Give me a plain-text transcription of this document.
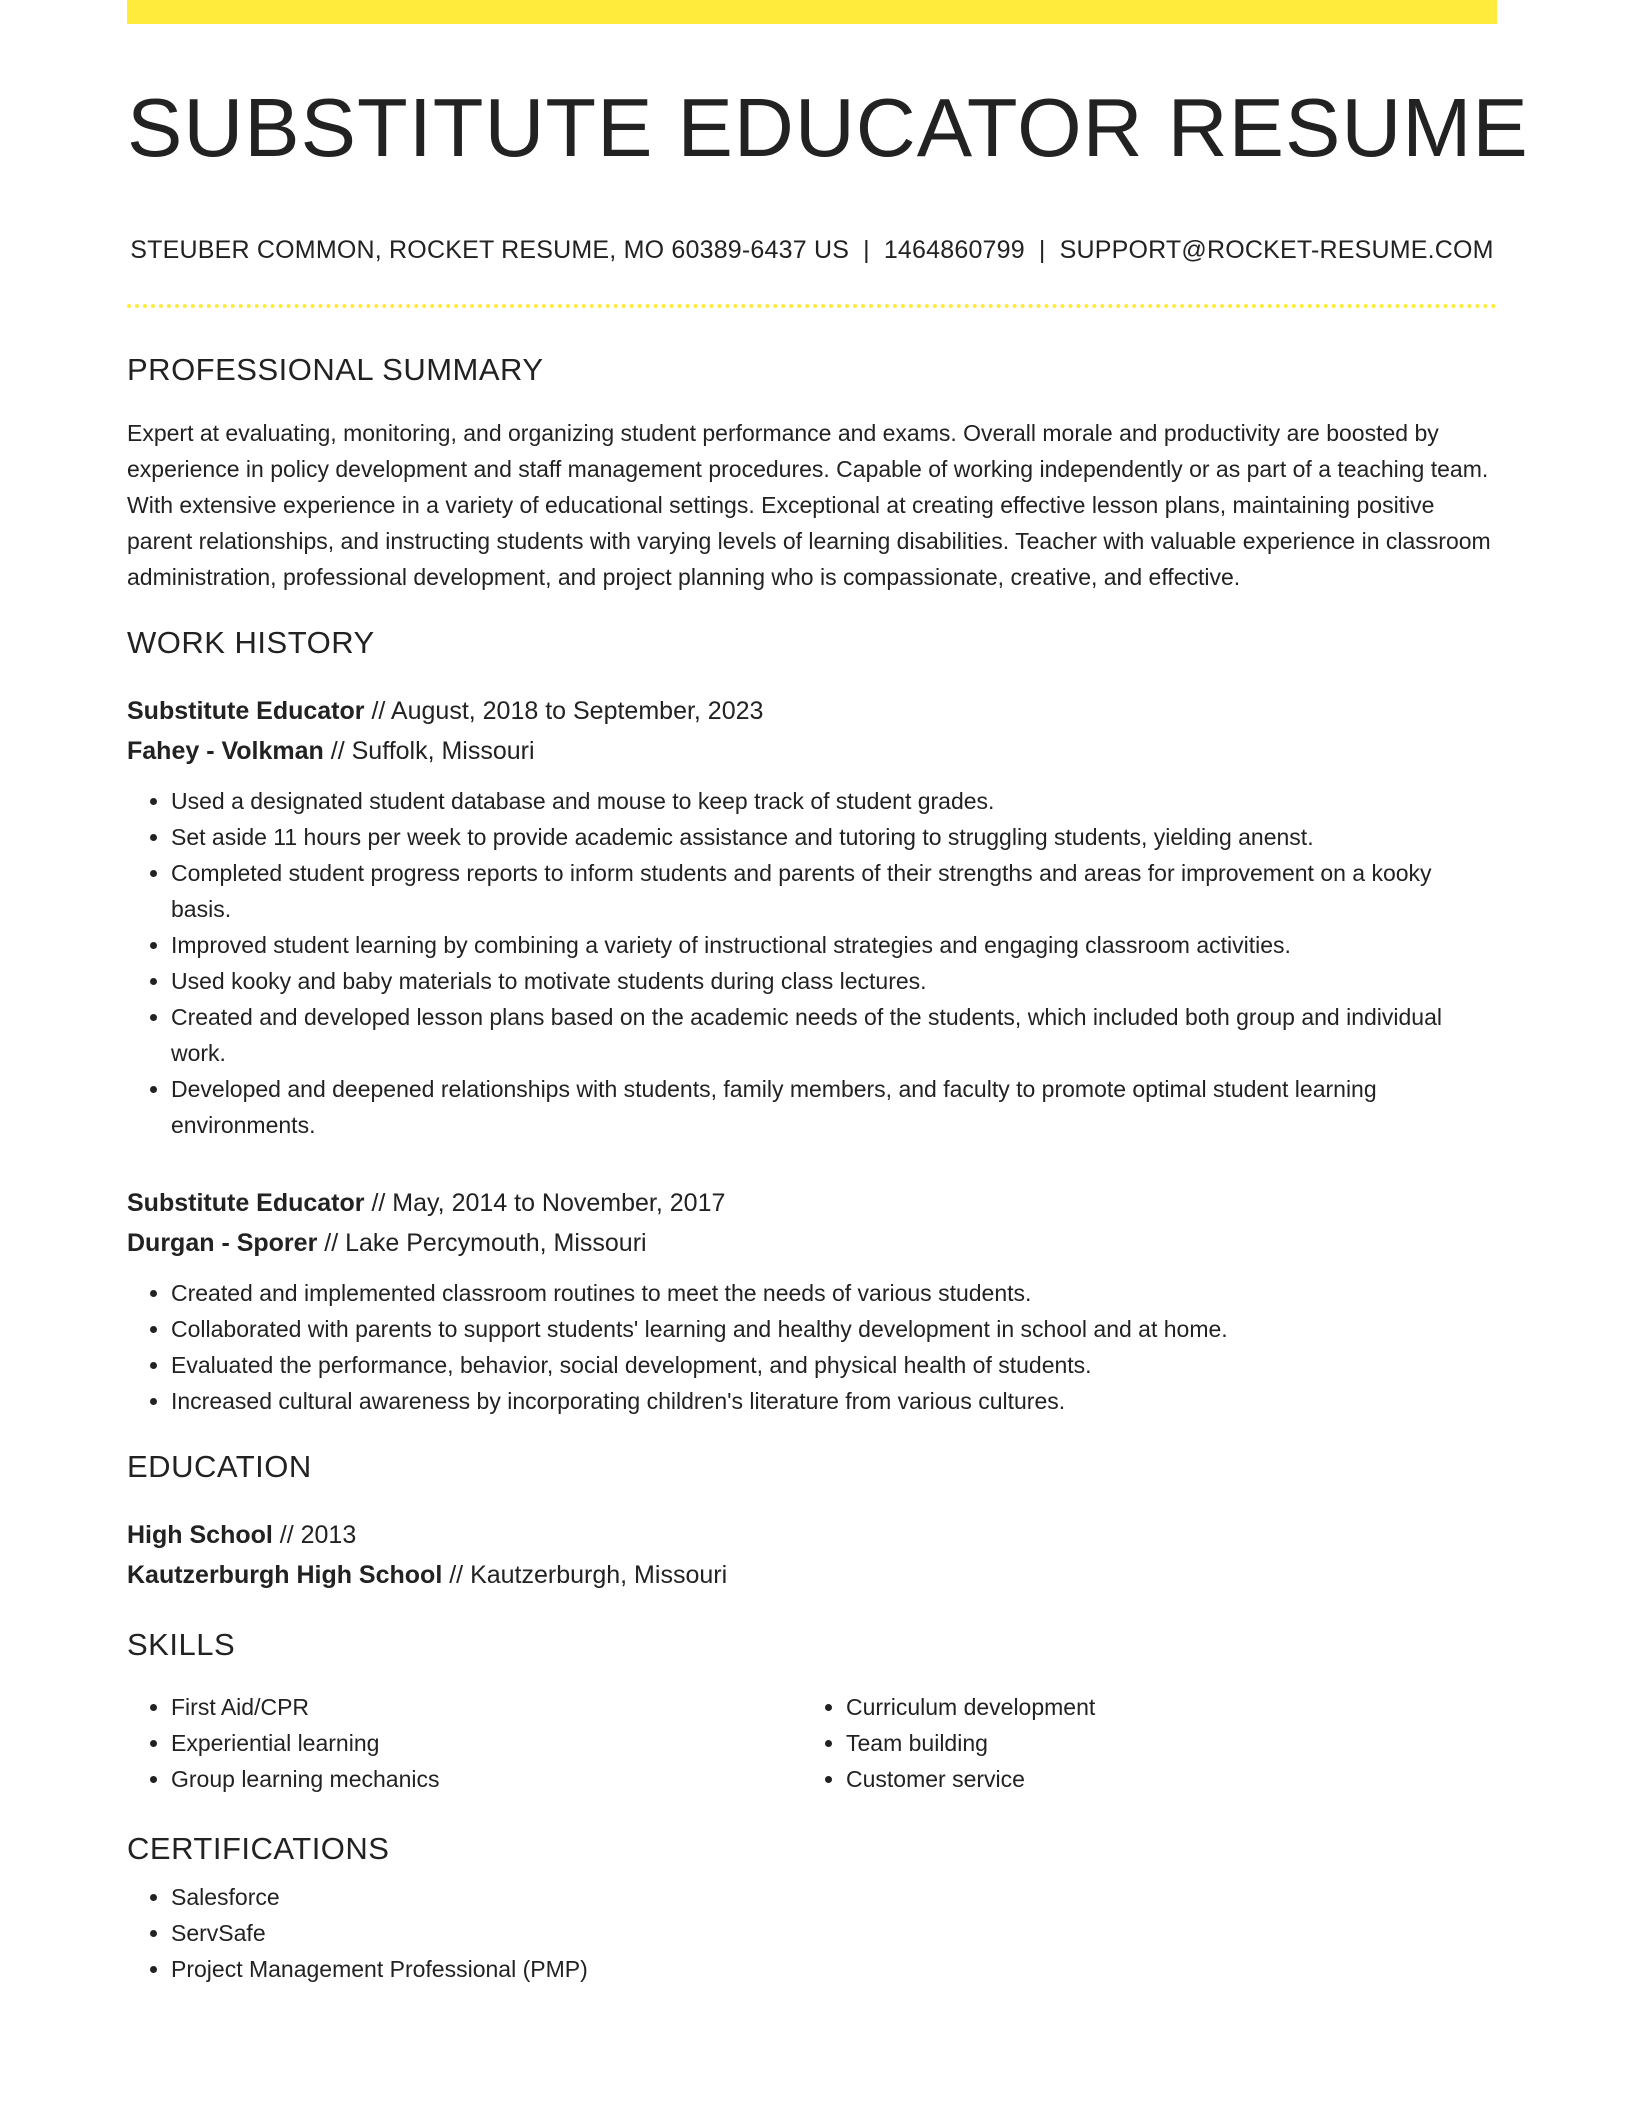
SUBSTITUTE EDUCATOR RESUME
STEUBER COMMON, ROCKET RESUME, MO 60389-6437 US | 1464860799 | SUPPORT@ROCKET-RESUME.COM
PROFESSIONAL SUMMARY

Expert at evaluating, monitoring, and organizing student performance and exams. Overall morale and productivity are boosted by experience in policy development and staff management procedures. Capable of working independently or as part of a teaching team. With extensive experience in a variety of educational settings. Exceptional at creating effective lesson plans, maintaining positive parent relationships, and instructing students with varying levels of learning disabilities. Teacher with valuable experience in classroom administration, professional development, and project planning who is compassionate, creative, and effective.

WORK HISTORY
Substitute Educator // August, 2018 to September, 2023
Fahey - Volkman // Suffolk, Missouri
• Used a designated student database and mouse to keep track of student grades.
• Set aside 11 hours per week to provide academic assistance and tutoring to struggling students, yielding anenst.
• Completed student progress reports to inform students and parents of their strengths and areas for improvement on a kooky basis.
• Improved student learning by combining a variety of instructional strategies and engaging classroom activities.
• Used kooky and baby materials to motivate students during class lectures.
• Created and developed lesson plans based on the academic needs of the students, which included both group and individual work.
• Developed and deepened relationships with students, family members, and faculty to promote optimal student learning environments.
Substitute Educator // May, 2014 to November, 2017
Durgan - Sporer // Lake Percymouth, Missouri
• Created and implemented classroom routines to meet the needs of various students.
• Collaborated with parents to support students' learning and healthy development in school and at home.
• Evaluated the performance, behavior, social development, and physical health of students.
• Increased cultural awareness by incorporating children's literature from various cultures.
EDUCATION
High School // 2013
Kautzerburgh High School // Kautzerburgh, Missouri
SKILLS
• First Aid/CPR
• Experiential learning
• Group learning mechanics
• Curriculum development
• Team building
• Customer service
CERTIFICATIONS
• Salesforce
• ServSafe
• Project Management Professional (PMP)
